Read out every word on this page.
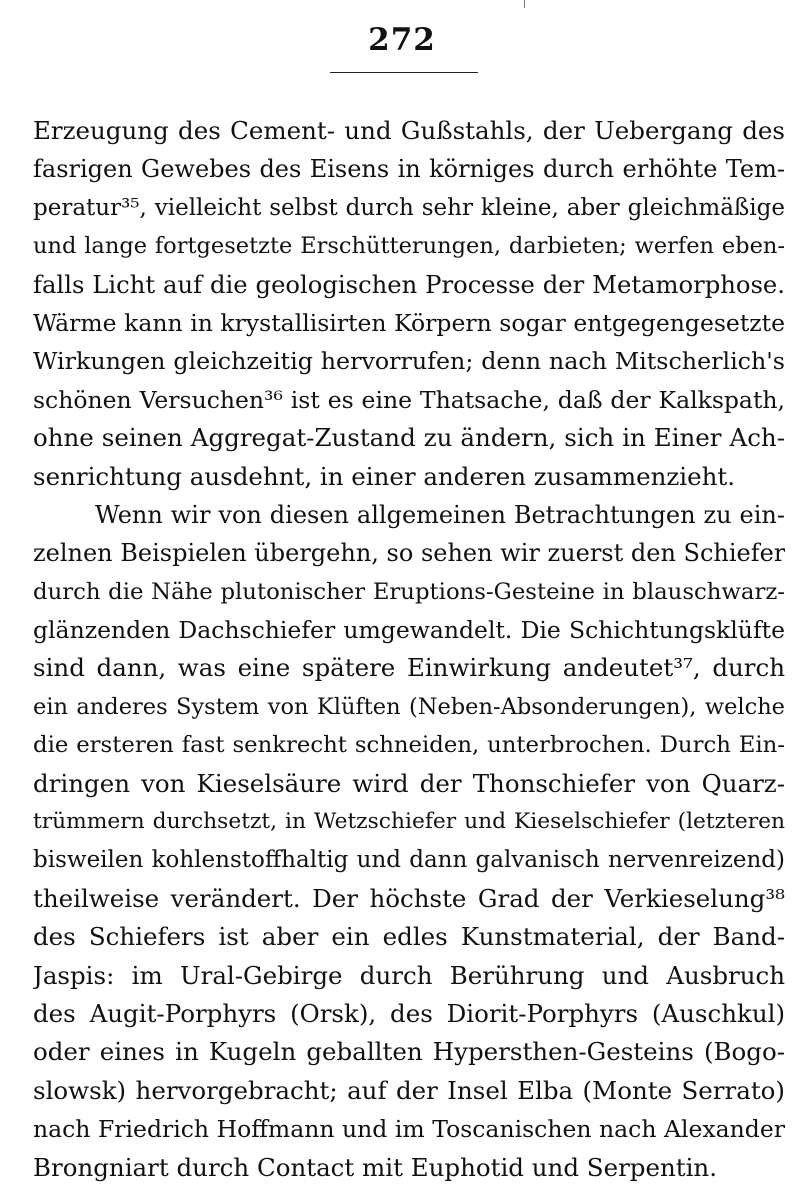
272
Erzeugung des Cement- und Gußstahls, der Uebergang des
fasrigen Gewebes des Eisens in körniges durch erhöhte Tem-
peratur³⁵, vielleicht selbst durch sehr kleine, aber gleichmäßige
und lange fortgesetzte Erschütterungen, darbieten; werfen eben-
falls Licht auf die geologischen Processe der Metamorphose.
Wärme kann in krystallisirten Körpern sogar entgegengesetzte
Wirkungen gleichzeitig hervorrufen; denn nach Mitscherlich's
schönen Versuchen³⁶ ist es eine Thatsache, daß der Kalkspath,
ohne seinen Aggregat-Zustand zu ändern, sich in Einer Ach-
senrichtung ausdehnt, in einer anderen zusammenzieht.
Wenn wir von diesen allgemeinen Betrachtungen zu ein-
zelnen Beispielen übergehn, so sehen wir zuerst den Schiefer
durch die Nähe plutonischer Eruptions-Gesteine in blauschwarz-
glänzenden Dachschiefer umgewandelt. Die Schichtungsklüfte
sind dann, was eine spätere Einwirkung andeutet³⁷, durch
ein anderes System von Klüften (Neben-Absonderungen), welche
die ersteren fast senkrecht schneiden, unterbrochen. Durch Ein-
dringen von Kieselsäure wird der Thonschiefer von Quarz-
trümmern durchsetzt, in Wetzschiefer und Kieselschiefer (letzteren
bisweilen kohlenstoffhaltig und dann galvanisch nervenreizend)
theilweise verändert. Der höchste Grad der Verkieselung³⁸
des Schiefers ist aber ein edles Kunstmaterial, der Band-
Jaspis: im Ural-Gebirge durch Berührung und Ausbruch
des Augit-Porphyrs (Orsk), des Diorit-Porphyrs (Auschkul)
oder eines in Kugeln geballten Hypersthen-Gesteins (Bogo-
slowsk) hervorgebracht; auf der Insel Elba (Monte Serrato)
nach Friedrich Hoffmann und im Toscanischen nach Alexander
Brongniart durch Contact mit Euphotid und Serpentin.
